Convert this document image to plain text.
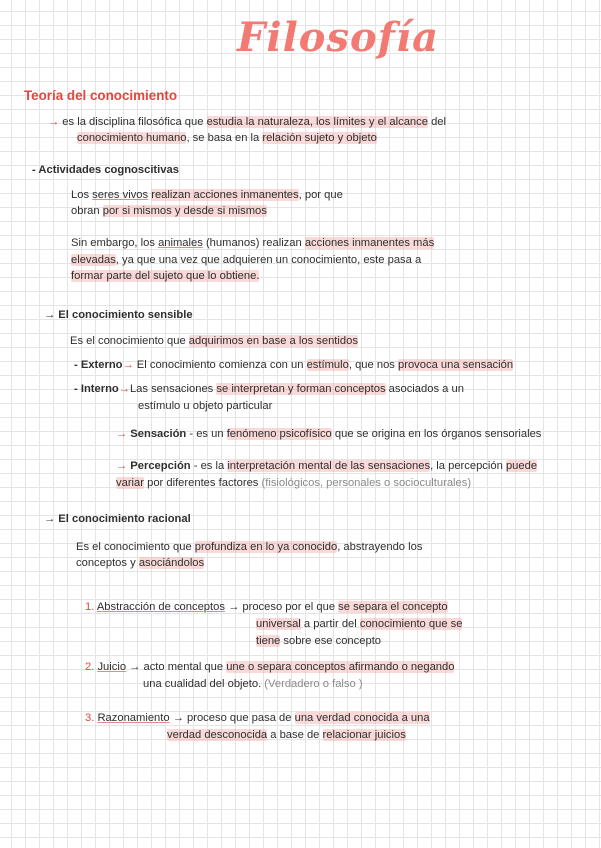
Filosofía
Teoría del conocimiento
→ es la disciplina filosófica que estudia la naturaleza, los límites y el alcance del
conocimiento humano, se basa en la relación sujeto y objeto
- Actividades cognoscitivas
Los seres vivos realizan acciones inmanentes, por que
obran por si mismos y desde si mismos
Sin embargo, los animales (humanos) realizan acciones inmanentes más
elevadas, ya que una vez que adquieren un conocimiento, este pasa a
formar parte del sujeto que lo obtiene.
→ El conocimiento sensible
Es el conocimiento que adquirimos en base a los sentidos
- Externo→ El conocimiento comienza con un estímulo, que nos provoca una sensación
- Interno→Las sensaciones se interpretan y forman conceptos asociados a un
estímulo u objeto particular
→ Sensación - es un fenómeno psicofísico que se origina en los órganos sensoriales
→ Percepción - es la interpretación mental de las sensaciones, la percepción puede
variar por diferentes factores (fisiológicos, personales o socioculturales)
→ El conocimiento racional
Es el conocimiento que profundiza en lo ya conocido, abstrayendo los
conceptos y asociándolos
1. Abstracción de conceptos → proceso por el que se separa el concepto
universal a partir del conocimiento que se
tiene sobre ese concepto
2. Juicio → acto mental que une o separa conceptos afirmando o negando
una cualidad del objeto. (Verdadero o falso )
3. Razonamiento → proceso que pasa de una verdad conocida a una
verdad desconocida a base de relacionar juicios
